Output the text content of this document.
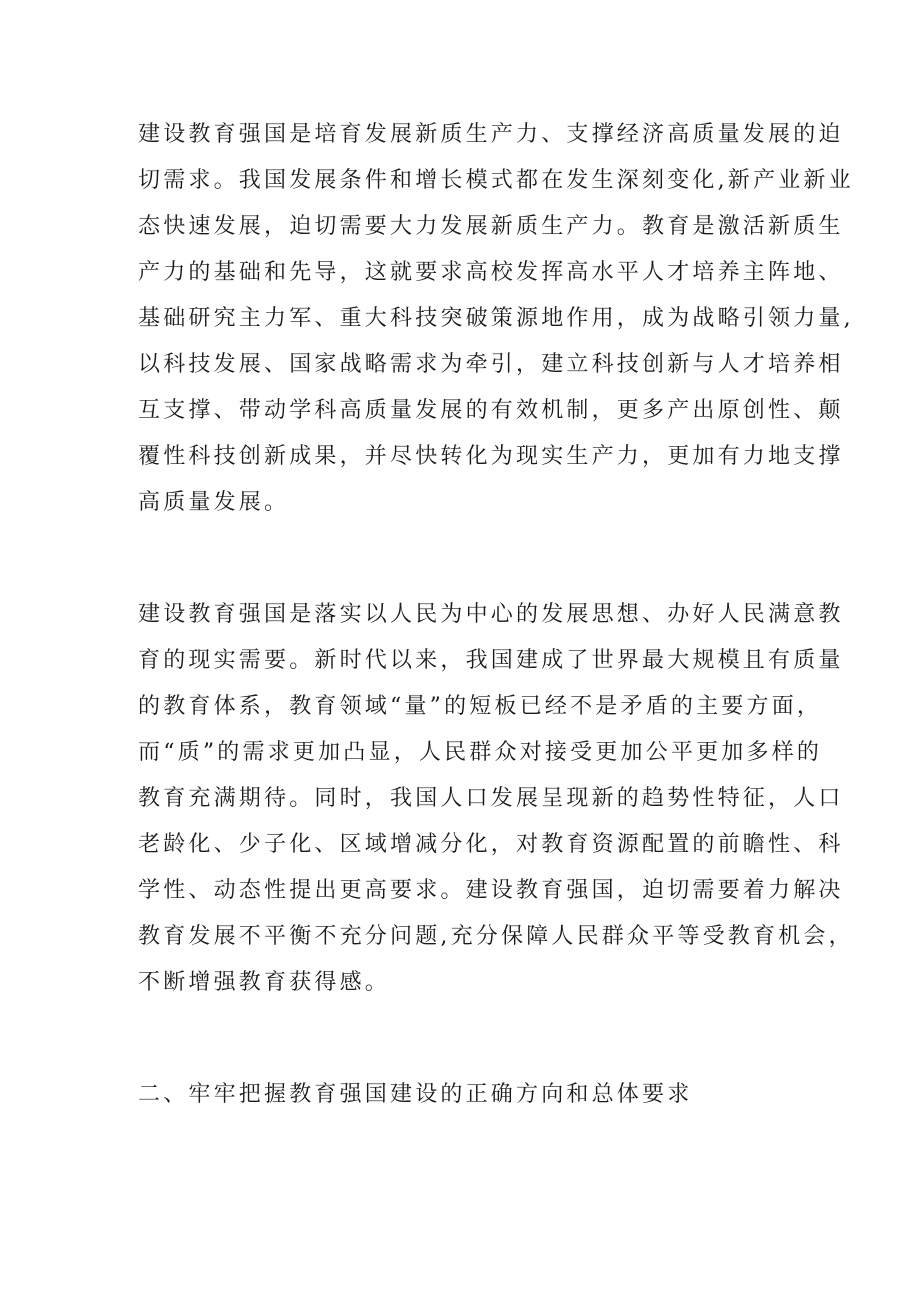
建设教育强国是培育发展新质生产力、支撑经济高质量发展的迫
切需求。我国发展条件和增长模式都在发生深刻变化,新产业新业
态快速发展，迫切需要大力发展新质生产力。教育是激活新质生
产力的基础和先导，这就要求高校发挥高水平人才培养主阵地、
基础研究主力军、重大科技突破策源地作用，成为战略引领力量,
以科技发展、国家战略需求为牵引，建立科技创新与人才培养相
互支撑、带动学科高质量发展的有效机制，更多产出原创性、颠
覆性科技创新成果，并尽快转化为现实生产力，更加有力地支撑
高质量发展。
建设教育强国是落实以人民为中心的发展思想、办好人民满意教
育的现实需要。新时代以来，我国建成了世界最大规模且有质量
的教育体系，教育领域“量”的短板已经不是矛盾的主要方面，
而“质”的需求更加凸显，人民群众对接受更加公平更加多样的
教育充满期待。同时，我国人口发展呈现新的趋势性特征，人口
老龄化、少子化、区域增减分化，对教育资源配置的前瞻性、科
学性、动态性提出更高要求。建设教育强国，迫切需要着力解决
教育发展不平衡不充分问题,充分保障人民群众平等受教育机会，
不断增强教育获得感。
二、牢牢把握教育强国建设的正确方向和总体要求
